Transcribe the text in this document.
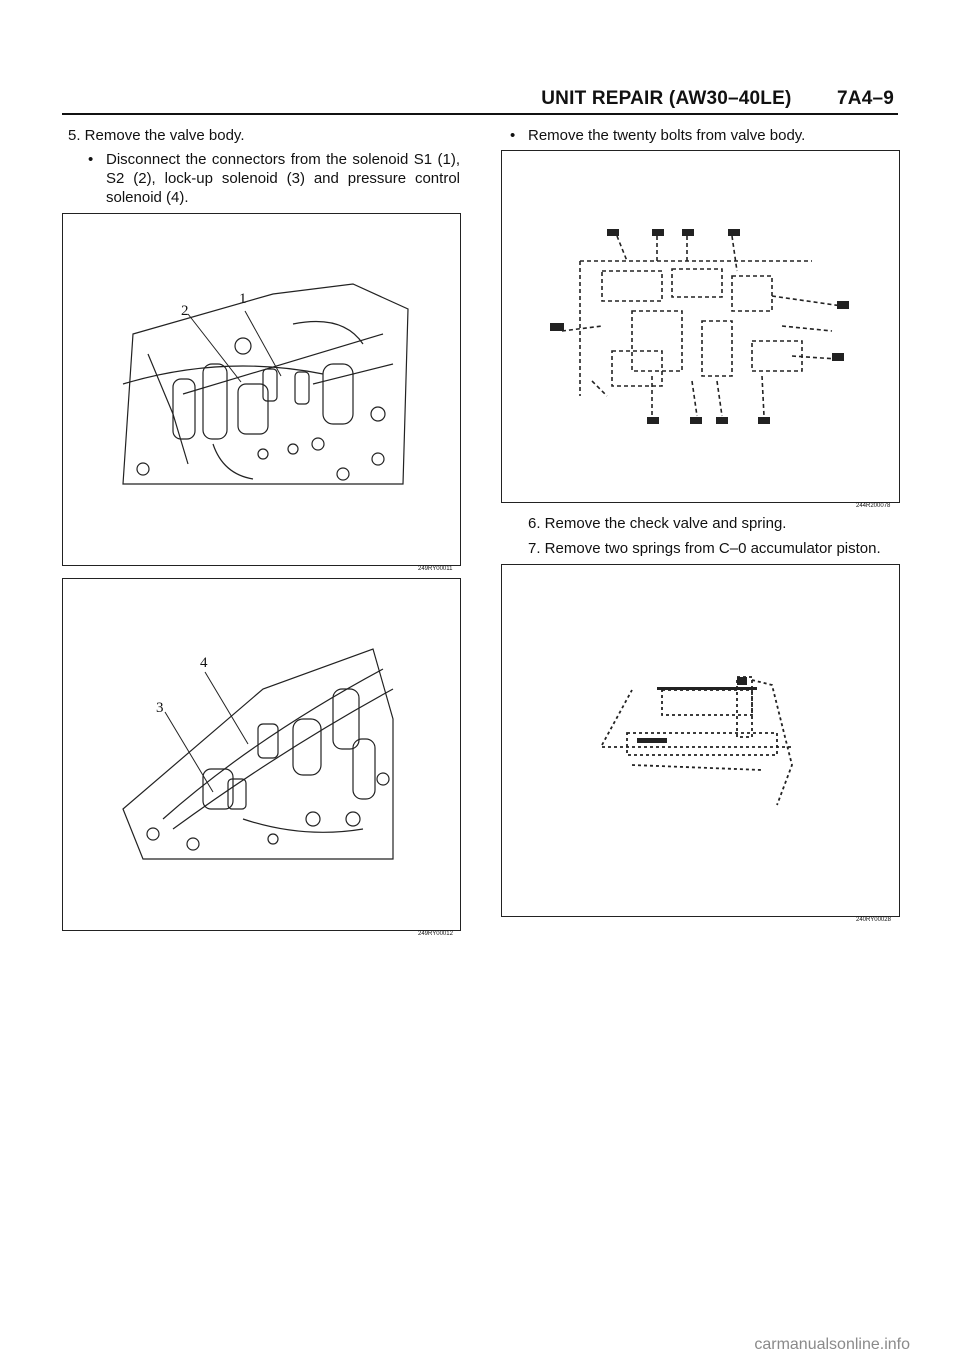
UNIT REPAIR (AW30–40LE) 7A4–9
5. Remove the valve body.
• Disconnect the connectors from the solenoid S1 (1), S2 (2), lock-up solenoid (3) and pressure control solenoid (4).
2
1
249RY00011
3
4
249RY00012
• Remove the twenty bolts from valve body.
244R200078
6. Remove the check valve and spring.
7. Remove two springs from C–0 accumulator piston.
240RY00028
carmanualsonline.info
